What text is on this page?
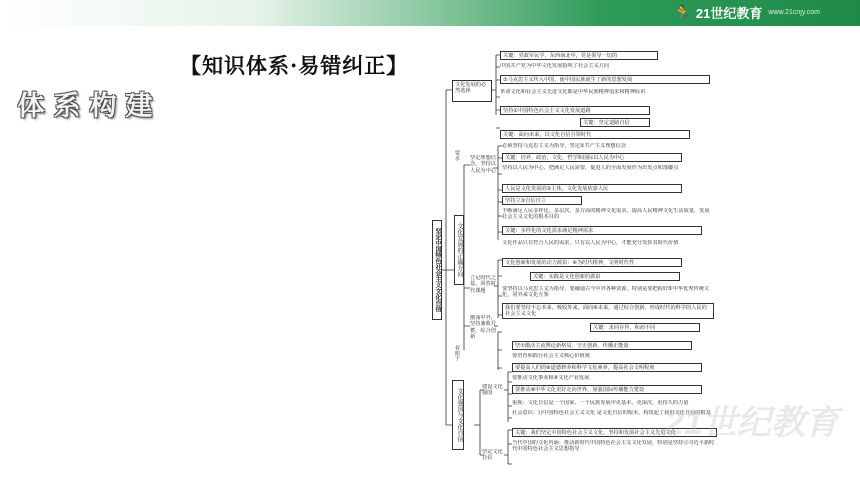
🏃 21世纪教育 www.21cnjy.com
【知识体系·易错纠正】
体 系 构 建
坚定中国特色社会主义文化自信
文化发展的必然选择
要求
文化发展的正确方向
着眼于
文化强国与文化自信
坚定理想信念，坚持以人民为中心
立足时代之基，回答时代课题
激荡中外，坚持兼收并蓄，综合创新
建设文化强国
坚定文化自信
关键：党政军民学，东西南北中，党是领导一切的
中国共产党为中华文化发展指明了社会主义方向
①马克思主义传入中国，使中国民族诞生了新的思想发展
革命文化和社会主义先进文化都是中华民族精神追求和精神标识
坚持①中国特色社会主义文化发展道路
关键：坚定道路自信
关键：面向未来，以文化自信引领时代
必须坚持马克思主义为指导，坚定②共产主义理想信念
关键：培养，政治，文化，哲学和国际以人民为中心
坚持以人民为中心，把满足人民需要，促进人的全面发展作为出发点和落脚点
人民是文化发展的③主体，文化发展依靠人民
坚持立③自信自立
不断满足人民多样化、多层次、多方面的精神文化需求，提高人民精神文化生活质量，发展社会主义文化的根本目的
关键：多样化的文化需求满足精神需求
文化作品只有符合人民的需求，只有以人民为中心，才能充分发挥其时代价值
文化创新和发展的动力源泉：④为时代精神，文明时代性
关键：实践是文化创新的源泉
要坚持以马克思主义为指导，要融通古今中外各种资源，特别是要把握好⑤中华优秀传统文化，同外来文化互鉴
我们要坚持不忘本来，吸收外来，面向⑥未来，通过综合创新，形成时代的科学的人民的社会主义文化
关键：求同存异，和而不同
坚⑦激活主流舆论新格局，守正创新，传播正能量
要培育和践行社会主义核心价值观
要提高人们的⑧道德修养和科学文化素养，提高社会文明程度
要推动文化事业和⑨文化产业发展
要推动⑩中华文化更好走向世界，加强国际传播能力建设
重视：文化自信是一个国家、一个民族发展中更基本、更深沉、更持久的力量
社会意识：⑪中国特色社会主义文化 是文化自信的根本，构筑起了我们文化自信的根基
关键：我们坚定中国特色社会主义文化，坚持和发展社会主义先进文化
当代中国的文化内涵：推动新时代中国特色社会主义文化发展，特别是坚持⑫习近平新时代中国特色社会主义思想指导
21世纪教育
